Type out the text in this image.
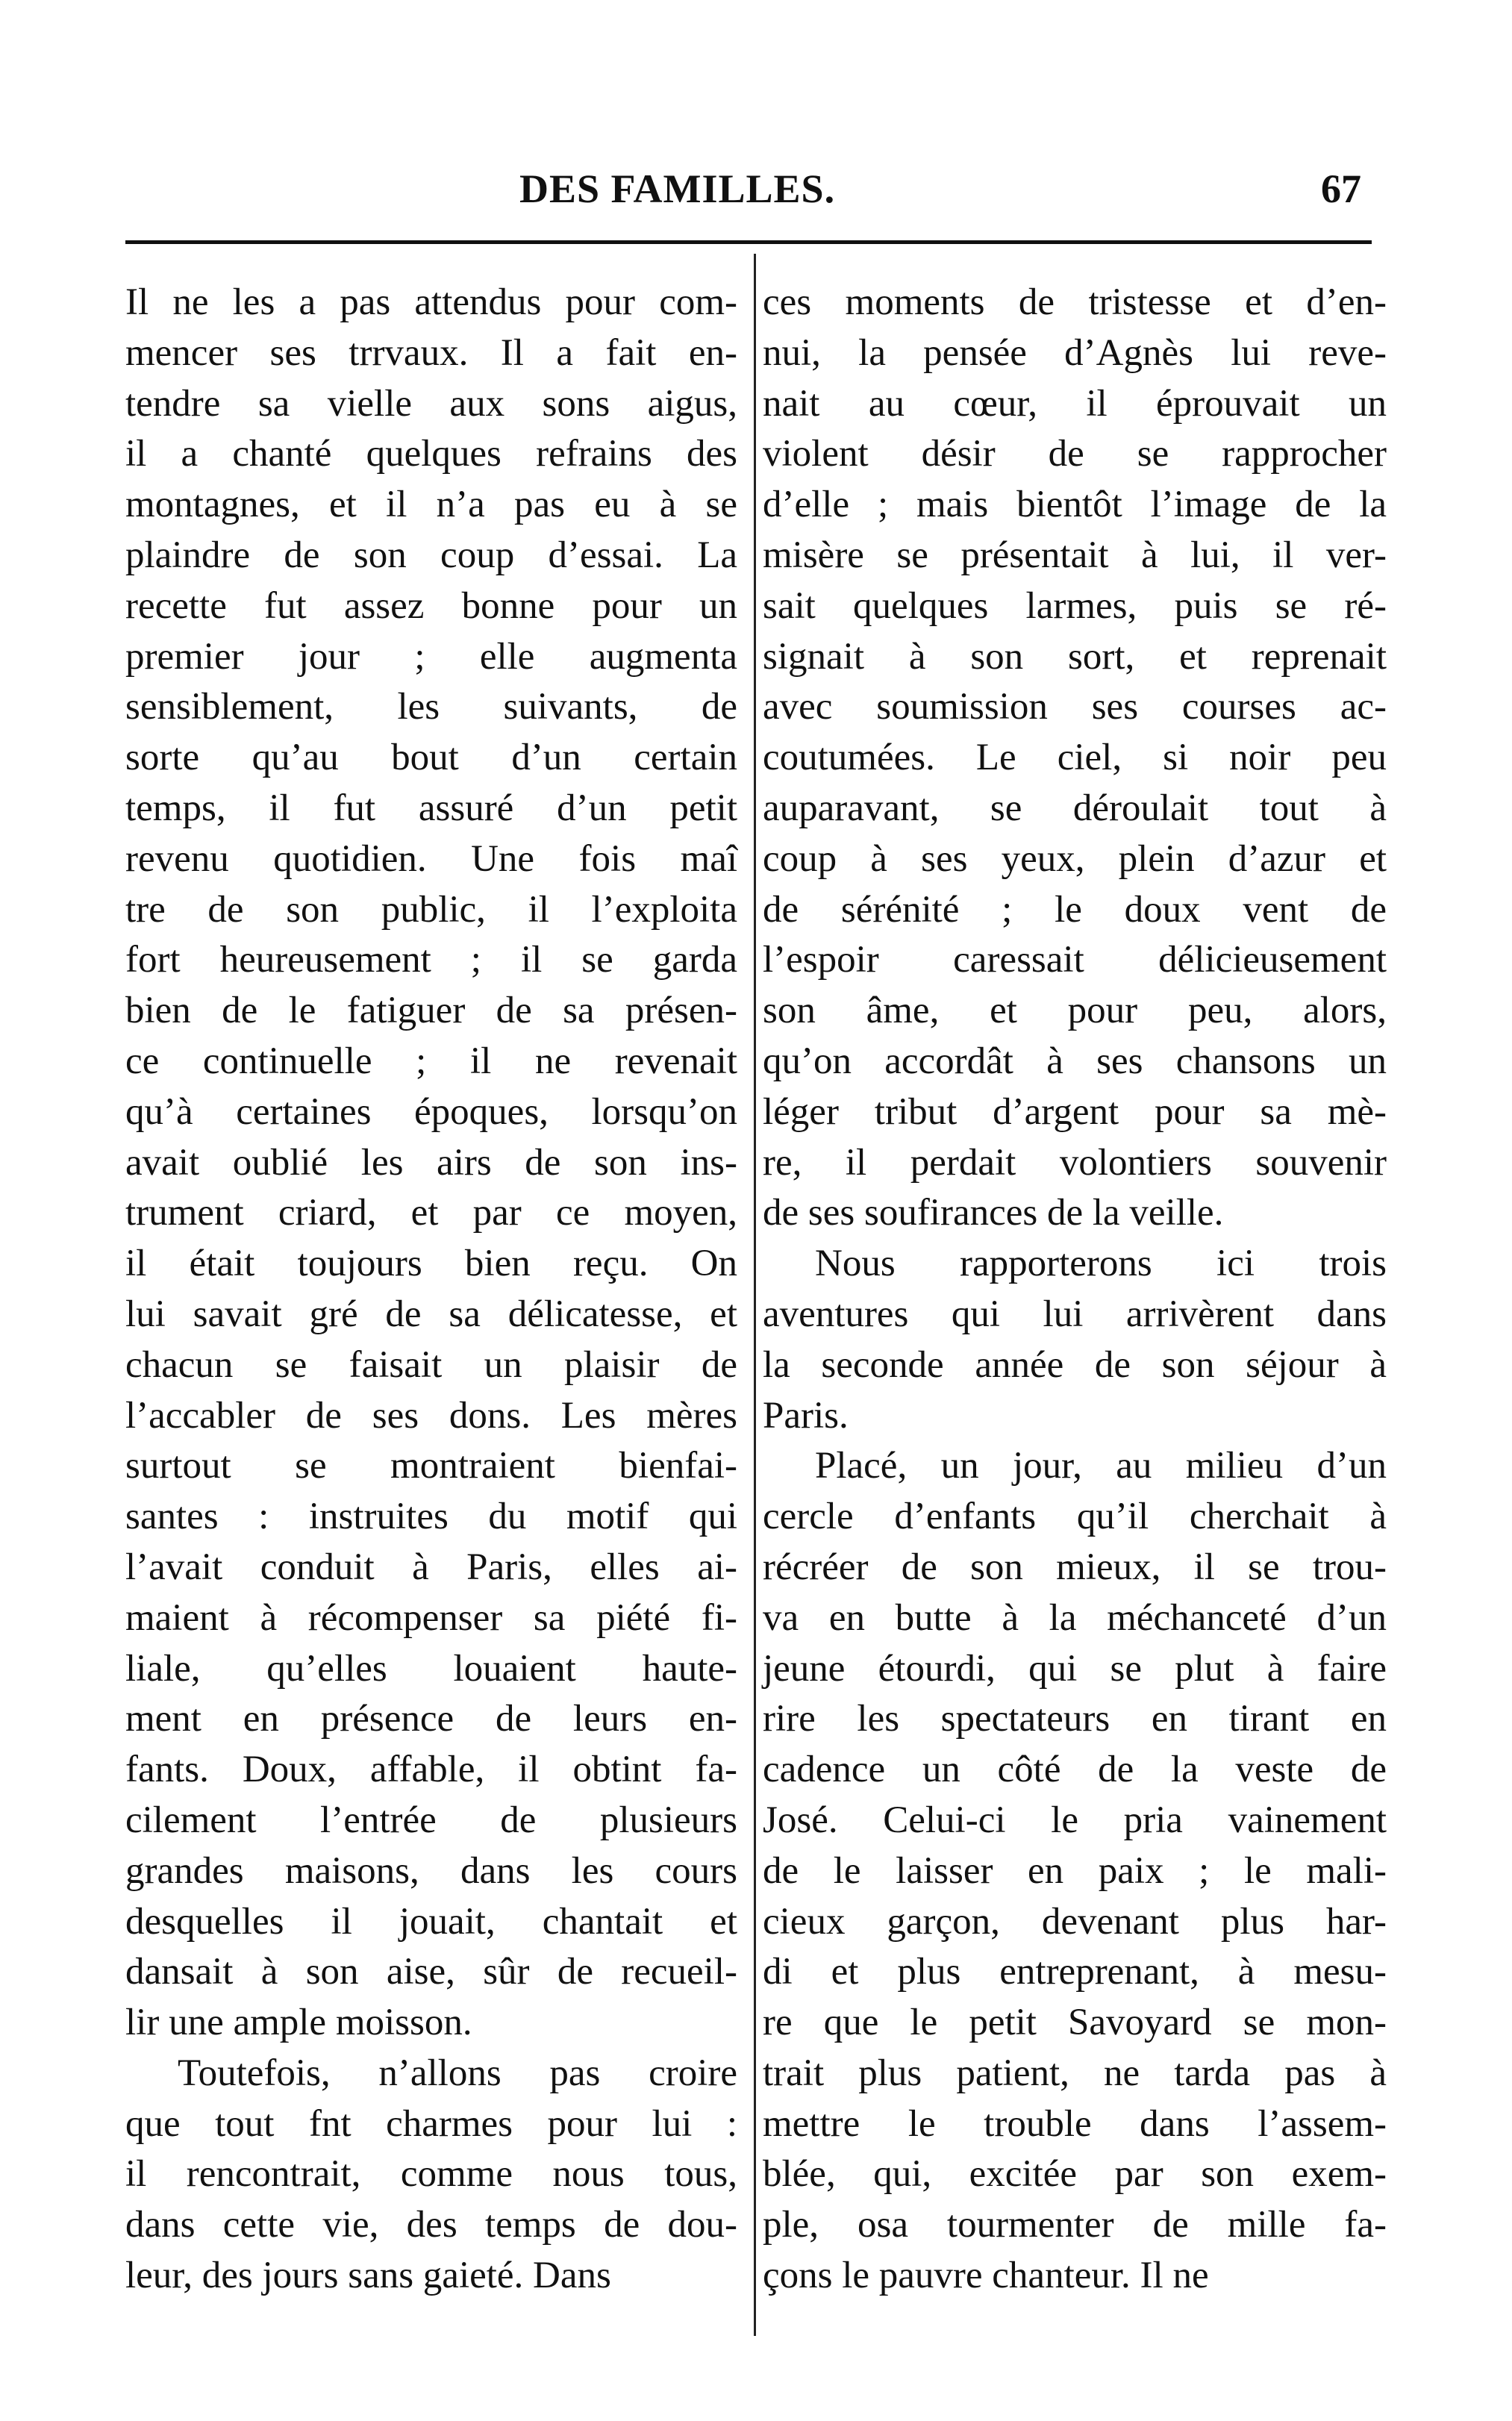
DES FAMILLES.	67
Il ne les a pas attendus pour com-
mencer ses trrvaux. Il a fait en-
tendre sa vielle aux sons aigus,
il a chanté quelques refrains des
montagnes, et il n’a pas eu à se
plaindre de son coup d’essai. La
recette fut assez bonne pour un
premier jour ; elle augmenta
sensiblement, les suivants, de
sorte qu’au bout d’un certain
temps, il fut assuré d’un petit
revenu quotidien. Une fois maî
tre de son public, il l’exploita
fort heureusement ; il se garda
bien de le fatiguer de sa présen-
ce continuelle ; il ne revenait
qu’à certaines époques, lorsqu’on
avait oublié les airs de son ins-
trument criard, et par ce moyen,
il était toujours bien reçu. On
lui savait gré de sa délicatesse, et
chacun se faisait un plaisir de
l’accabler de ses dons. Les mères
surtout se montraient bienfai-
santes : instruites du motif qui
l’avait conduit à Paris, elles ai-
maient à récompenser sa piété fi-
liale, qu’elles louaient haute-
ment en présence de leurs en-
fants. Doux, affable, il obtint fa-
cilement l’entrée de plusieurs
grandes maisons, dans les cours
desquelles il jouait, chantait et
dansait à son aise, sûr de recueil-
lir une ample moisson.
Toutefois, n’allons pas croire
que tout fnt charmes pour lui :
il rencontrait, comme nous tous,
dans cette vie, des temps de dou-
leur, des jours sans gaieté. Dans
ces moments de tristesse et d’en-
nui, la pensée d’Agnès lui reve-
nait au cœur, il éprouvait un
violent désir de se rapprocher
d’elle ; mais bientôt l’image de la
misère se présentait à lui, il ver-
sait quelques larmes, puis se ré-
signait à son sort, et reprenait
avec soumission ses courses ac-
coutumées. Le ciel, si noir peu
auparavant, se déroulait tout à
coup à ses yeux, plein d’azur et
de sérénité ; le doux vent de
l’espoir caressait délicieusement
son âme, et pour peu, alors,
qu’on accordât à ses chansons un
léger tribut d’argent pour sa mè-
re, il perdait volontiers souvenir
de ses soufirances de la veille.
Nous rapporterons ici trois
aventures qui lui arrivèrent dans
la seconde année de son séjour à
Paris.
Placé, un jour, au milieu d’un
cercle d’enfants qu’il cherchait à
récréer de son mieux, il se trou-
va en butte à la méchanceté d’un
jeune étourdi, qui se plut à faire
rire les spectateurs en tirant en
cadence un côté de la veste de
José. Celui-ci le pria vainement
de le laisser en paix ; le mali-
cieux garçon, devenant plus har-
di et plus entreprenant, à mesu-
re que le petit Savoyard se mon-
trait plus patient, ne tarda pas à
mettre le trouble dans l’assem-
blée, qui, excitée par son exem-
ple, osa tourmenter de mille fa-
çons le pauvre chanteur. Il ne
